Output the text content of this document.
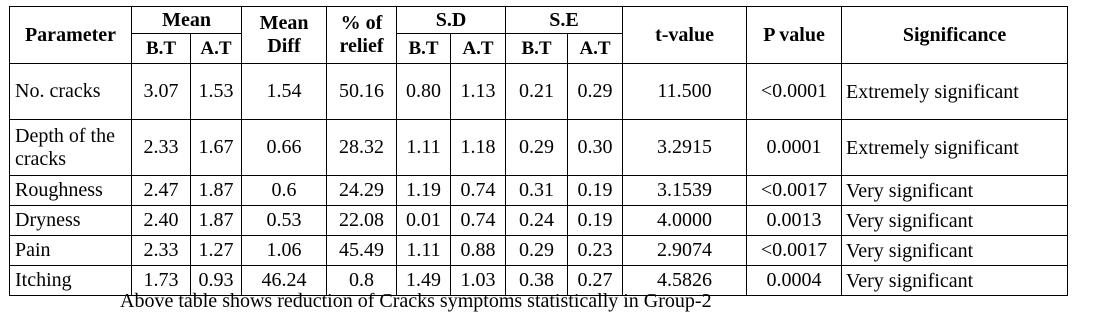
Parameter	Mean		Mean Diff	% of relief	S.D		S.E		t-value	P value	Significance
	B.T	A.T			B.T	A.T	B.T	A.T			
No. cracks	3.07	1.53	1.54	50.16	0.80	1.13	0.21	0.29	11.500	<0.0001	Extremely significant
Depth of the cracks	2.33	1.67	0.66	28.32	1.11	1.18	0.29	0.30	3.2915	0.0001	Extremely significant
Roughness	2.47	1.87	0.6	24.29	1.19	0.74	0.31	0.19	3.1539	<0.0017	Very significant
Dryness	2.40	1.87	0.53	22.08	0.01	0.74	0.24	0.19	4.0000	0.0013	Very significant
Pain	2.33	1.27	1.06	45.49	1.11	0.88	0.29	0.23	2.9074	<0.0017	Very significant
Itching	1.73	0.93	46.24	0.8	1.49	1.03	0.38	0.27	4.5826	0.0004	Very significant
Above table shows reduction of Cracks symptoms statistically in Group-2
